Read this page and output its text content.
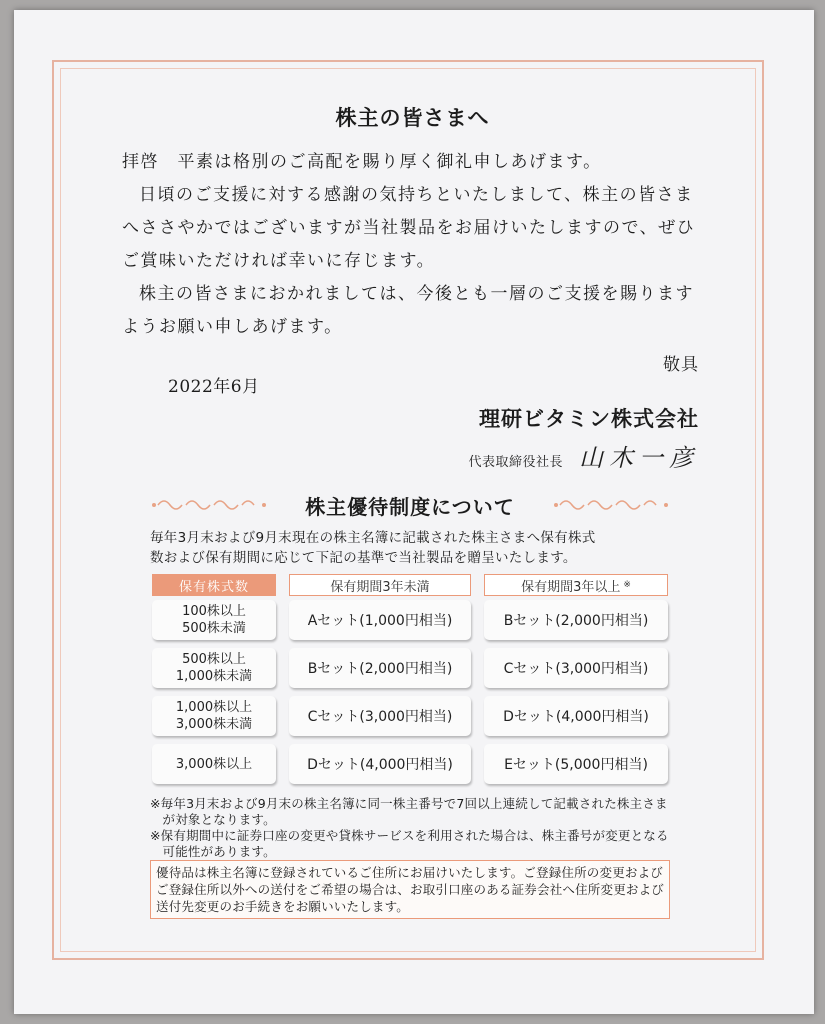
株主の皆さまへ

拝啓　平素は格別のご高配を賜り厚く御礼申しあげます。

日頃のご支援に対する感謝の気持ちといたしまして、株主の皆さまへささやかではございますが当社製品をお届けいたしますので、ぜひご賞味いただければ幸いに存じます。

株主の皆さまにおかれましては、今後とも一層のご支援を賜りますようお願い申しあげます。

敬具
2022年6月
理研ビタミン株式会社
代表取締役社長 山木一彦
株主優待制度について

毎年3月末および9月末現在の株主名簿に記載された株主さまへ保有株式

数および保有期間に応じて下記の基準で当社製品を贈呈いたします。

保有株式数	保有期間3年未満	保有期間3年以上 ※
100株以上
500株未満	Aセット(1,000円相当)	Bセット(2,000円相当)
500株以上
1,000株未満	Bセット(2,000円相当)	Cセット(3,000円相当)
1,000株以上
3,000株未満	Cセット(3,000円相当)	Dセット(4,000円相当)
3,000株以上	Dセット(4,000円相当)	Eセット(5,000円相当)

※毎年3月末および9月末の株主名簿に同一株主番号で7回以上連続して記載された株主さまが対象となります。

※保有期間中に証券口座の変更や貸株サービスを利用された場合は、株主番号が変更となる可能性があります。

優待品は株主名簿に登録されているご住所にお届けいたします。ご登録住所の変更およびご登録住所以外への送付をご希望の場合は、お取引口座のある証券会社へ住所変更および送付先変更のお手続きをお願いいたします。
